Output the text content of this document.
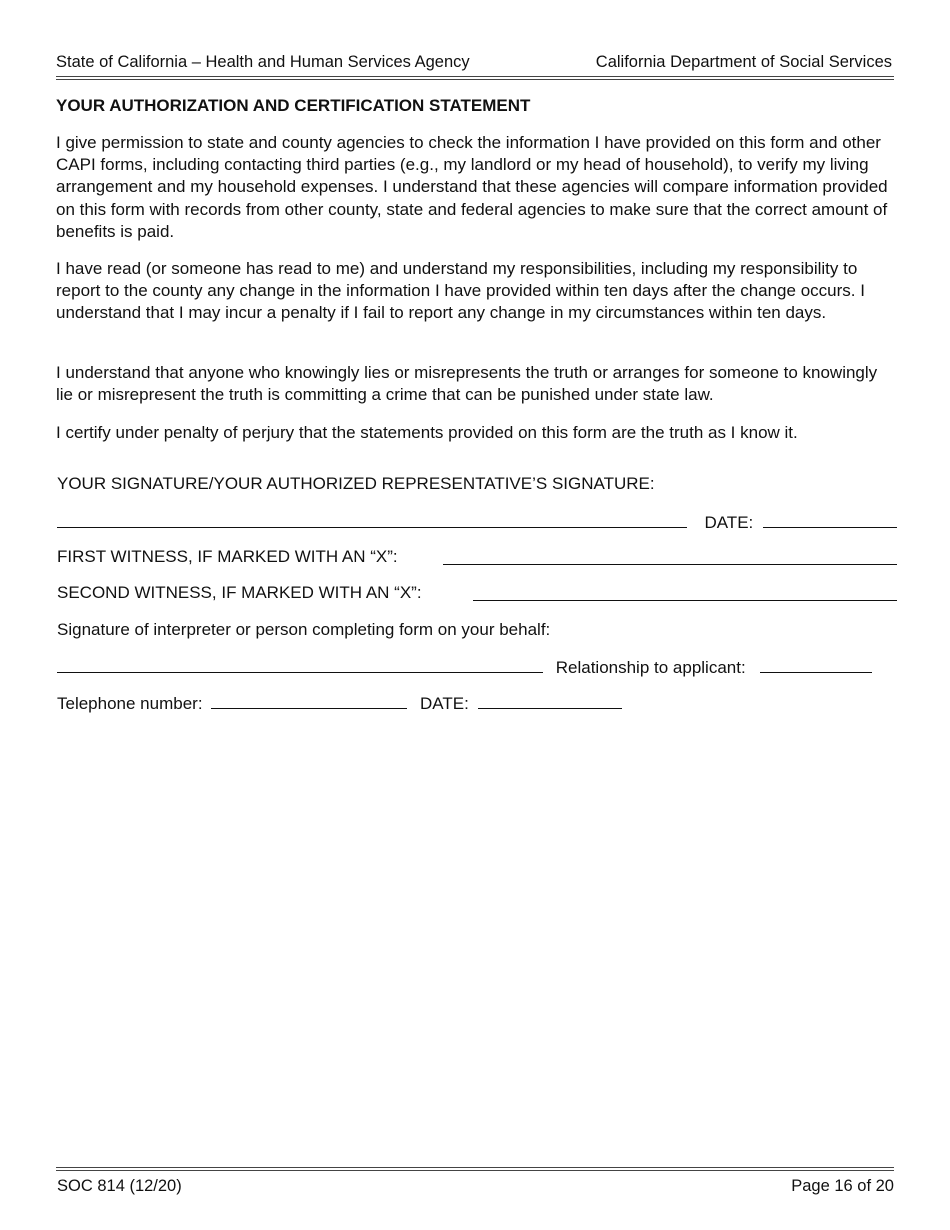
State of California – Health and Human Services Agency	California Department of Social Services
YOUR AUTHORIZATION AND CERTIFICATION STATEMENT

I give permission to state and county agencies to check the information I have provided on this form and other CAPI forms, including contacting third parties (e.g., my landlord or my head of household), to verify my living arrangement and my household expenses. I understand that these agencies will compare information provided on this form with records from other county, state and federal agencies to make sure that the correct amount of benefits is paid.

I have read (or someone has read to me) and understand my responsibilities, including my responsibility to report to the county any change in the information I have provided within ten days after the change occurs. I understand that I may incur a penalty if I fail to report any change in my circumstances within ten days.

I understand that anyone who knowingly lies or misrepresents the truth or arranges for someone to knowingly lie or misrepresent the truth is committing a crime that can be punished under state law.

I certify under penalty of perjury that the statements provided on this form are the truth as I know it.

YOUR SIGNATURE/YOUR AUTHORIZED REPRESENTATIVE’S SIGNATURE:
DATE:
FIRST WITNESS, IF MARKED WITH AN “X”:
SECOND WITNESS, IF MARKED WITH AN “X”:
Signature of interpreter or person completing form on your behalf:
Relationship to applicant:
Telephone number:	DATE:
SOC 814 (12/20)	Page 16 of 20
